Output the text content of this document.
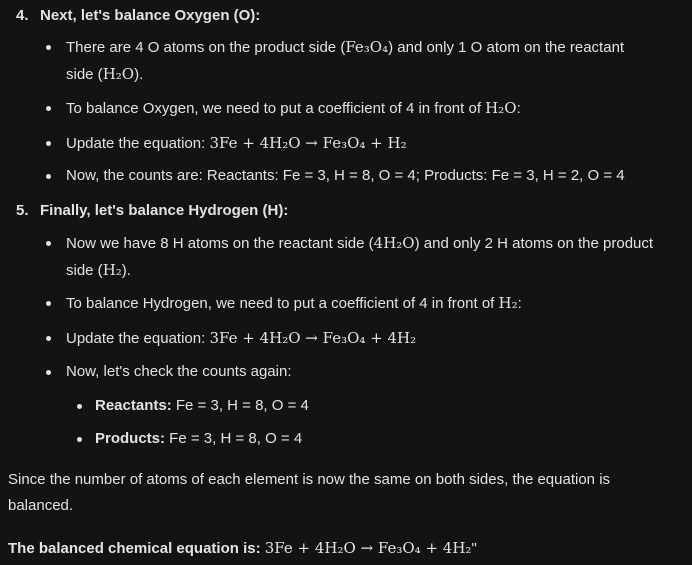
4. Next, let's balance Oxygen (O):
There are 4 O atoms on the product side (Fe₃O₄) and only 1 O atom on the reactant
side (H₂O).
To balance Oxygen, we need to put a coefficient of 4 in front of H₂O:
Update the equation: 3Fe + 4H₂O → Fe₃O₄ + H₂
Now, the counts are: Reactants: Fe = 3, H = 8, O = 4; Products: Fe = 3, H = 2, O = 4
5. Finally, let's balance Hydrogen (H):
Now we have 8 H atoms on the reactant side (4H₂O) and only 2 H atoms on the product
side (H₂).
To balance Hydrogen, we need to put a coefficient of 4 in front of H₂:
Update the equation: 3Fe + 4H₂O → Fe₃O₄ + 4H₂
Now, let's check the counts again:
Reactants: Fe = 3, H = 8, O = 4
Products: Fe = 3, H = 8, O = 4
Since the number of atoms of each element is now the same on both sides, the equation is
balanced.
The balanced chemical equation is: 3Fe + 4H₂O → Fe₃O₄ + 4H₂"
